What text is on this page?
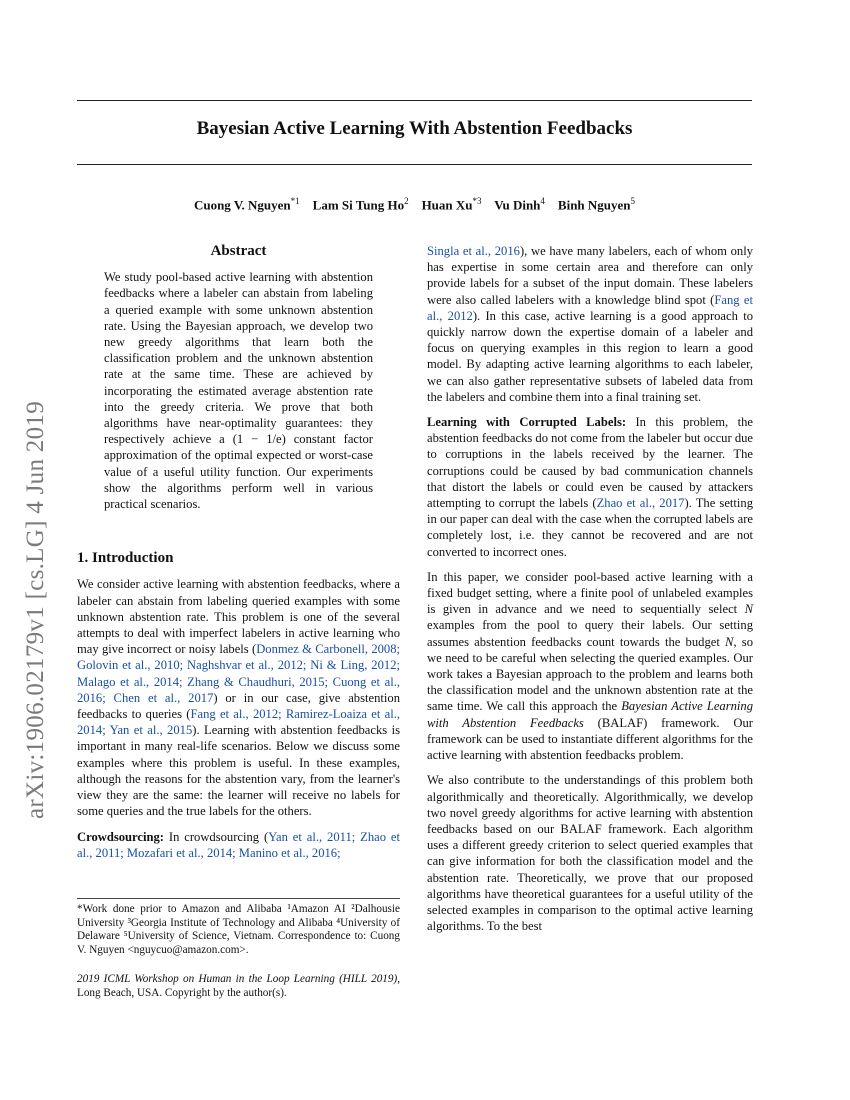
arXiv:1906.02179v1 [cs.LG] 4 Jun 2019
Bayesian Active Learning With Abstention Feedbacks
Cuong V. Nguyen$^{*1}$ Lam Si Tung Ho$^2$ Huan Xu$^{*3}$ Vu Dinh$^4$ Binh Nguyen$^5$
Abstract

We study pool-based active learning with abstention feedbacks where a labeler can abstain from labeling a queried example with some unknown abstention rate. Using the Bayesian approach, we develop two new greedy algorithms that learn both the classification problem and the unknown abstention rate at the same time. These are achieved by incorporating the estimated average abstention rate into the greedy criteria. We prove that both algorithms have near-optimality guarantees: they respectively achieve a (1 − 1/e) constant factor approximation of the optimal expected or worst-case value of a useful utility function. Our experiments show the algorithms perform well in various practical scenarios.

1. Introduction

We consider active learning with abstention feedbacks, where a labeler can abstain from labeling queried examples with some unknown abstention rate. This problem is one of the several attempts to deal with imperfect labelers in active learning who may give incorrect or noisy labels (Donmez & Carbonell, 2008; Golovin et al., 2010; Naghshvar et al., 2012; Ni & Ling, 2012; Malago et al., 2014; Zhang & Chaudhuri, 2015; Cuong et al., 2016; Chen et al., 2017) or in our case, give abstention feedbacks to queries (Fang et al., 2012; Ramirez-Loaiza et al., 2014; Yan et al., 2015). Learning with abstention feedbacks is important in many real-life scenarios. Below we discuss some examples where this problem is useful. In these examples, although the reasons for the abstention vary, from the learner's view they are the same: the learner will receive no labels for some queries and the true labels for the others.

Crowdsourcing: In crowdsourcing (Yan et al., 2011; Zhao et al., 2011; Mozafari et al., 2014; Manino et al., 2016;

*Work done prior to Amazon and Alibaba ¹Amazon AI ²Dalhousie University ³Georgia Institute of Technology and Alibaba ⁴University of Delaware ⁵University of Science, Vietnam. Correspondence to: Cuong V. Nguyen <nguycuo@amazon.com>.

2019 ICML Workshop on Human in the Loop Learning (HILL 2019), Long Beach, USA. Copyright by the author(s).

Singla et al., 2016), we have many labelers, each of whom only has expertise in some certain area and therefore can only provide labels for a subset of the input domain. These labelers were also called labelers with a knowledge blind spot (Fang et al., 2012). In this case, active learning is a good approach to quickly narrow down the expertise domain of a labeler and focus on querying examples in this region to learn a good model. By adapting active learning algorithms to each labeler, we can also gather representative subsets of labeled data from the labelers and combine them into a final training set.

Learning with Corrupted Labels: In this problem, the abstention feedbacks do not come from the labeler but occur due to corruptions in the labels received by the learner. The corruptions could be caused by bad communication channels that distort the labels or could even be caused by attackers attempting to corrupt the labels (Zhao et al., 2017). The setting in our paper can deal with the case when the corrupted labels are completely lost, i.e. they cannot be recovered and are not converted to incorrect ones.

In this paper, we consider pool-based active learning with a fixed budget setting, where a finite pool of unlabeled examples is given in advance and we need to sequentially select N examples from the pool to query their labels. Our setting assumes abstention feedbacks count towards the budget N, so we need to be careful when selecting the queried examples. Our work takes a Bayesian approach to the problem and learns both the classification model and the unknown abstention rate at the same time. We call this approach the Bayesian Active Learning with Abstention Feedbacks (BALAF) framework. Our framework can be used to instantiate different algorithms for the active learning with abstention feedbacks problem.

We also contribute to the understandings of this problem both algorithmically and theoretically. Algorithmically, we develop two novel greedy algorithms for active learning with abstention feedbacks based on our BALAF framework. Each algorithm uses a different greedy criterion to select queried examples that can give information for both the classification model and the abstention rate. Theoretically, we prove that our proposed algorithms have theoretical guarantees for a useful utility of the selected examples in comparison to the optimal active learning algorithms. To the best
